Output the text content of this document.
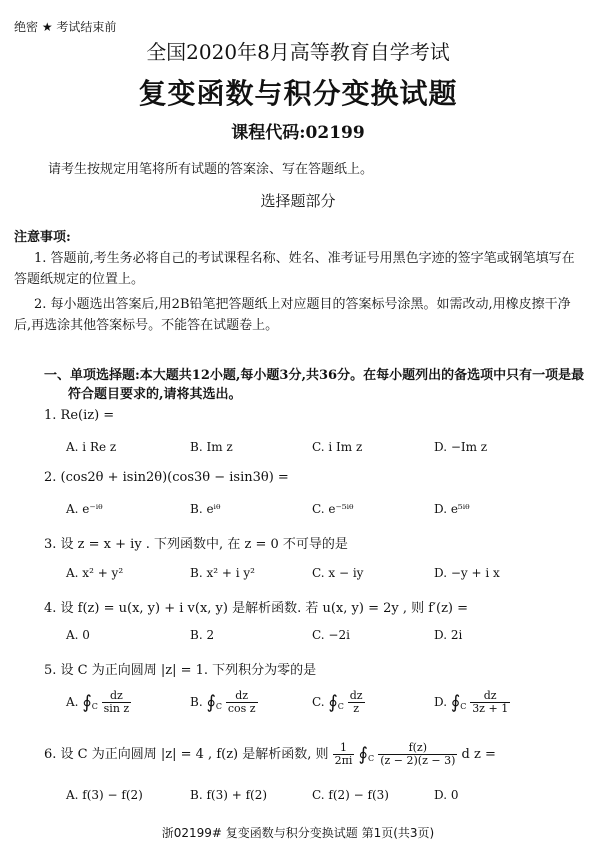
绝密 ★ 考试结束前
全国2020年8月高等教育自学考试
复变函数与积分变换试题
课程代码:02199
请考生按规定用笔将所有试题的答案涂、写在答题纸上。
选择题部分
注意事项:
1. 答题前,考生务必将自己的考试课程名称、姓名、准考证号用黑色字迹的签字笔或钢笔填写在答题纸规定的位置上。
2. 每小题选出答案后,用2B铅笔把答题纸上对应题目的答案标号涂黑。如需改动,用橡皮擦干净后,再选涂其他答案标号。不能答在试题卷上。
一、单项选择题:本大题共12小题,每小题3分,共36分。在每小题列出的备选项中只有一项是最符合题目要求的,请将其选出。
1. Re(iz) =
A. i Re z	B. Im z	C. i Im z	D. −Im z
2. (cos2θ + isin2θ)(cos3θ − isin3θ) =
A. e⁻ⁱᶿ	B. eⁱᶿ	C. e⁻⁵ⁱᶿ	D. e⁵ⁱᶿ
3. 设 z = x + iy . 下列函数中, 在 z = 0 不可导的是
A. x² + y²	B. x² + i y²	C. x − iy	D. −y + i x
4. 设 f(z) = u(x, y) + i v(x, y) 是解析函数. 若 u(x, y) = 2y , 则 f′(z) =
A. 0	B. 2	C. −2i	D. 2i
5. 设 C 为正向圆周 |z| = 1. 下列积分为零的是
A. $∮_C \frac{dz}{\text{sin z}}$	B. $∮_C \frac{dz}{\text{cos z}}$	C. $∮_C \frac{dz}{z}$	D. $∮_C \frac{dz}{3z + 1}$
6. 设 C 为正向圆周 |z| = 4 , f(z) 是解析函数, 则 $\frac{1}{2\pi i}$ $∮_C \frac{f(z)}{(z - 2)(z - 3)}$ d z =
A. f(3) − f(2)	B. f(3) + f(2)	C. f(2) − f(3)	D. 0
浙02199# 复变函数与积分变换试题 第1页(共3页)
